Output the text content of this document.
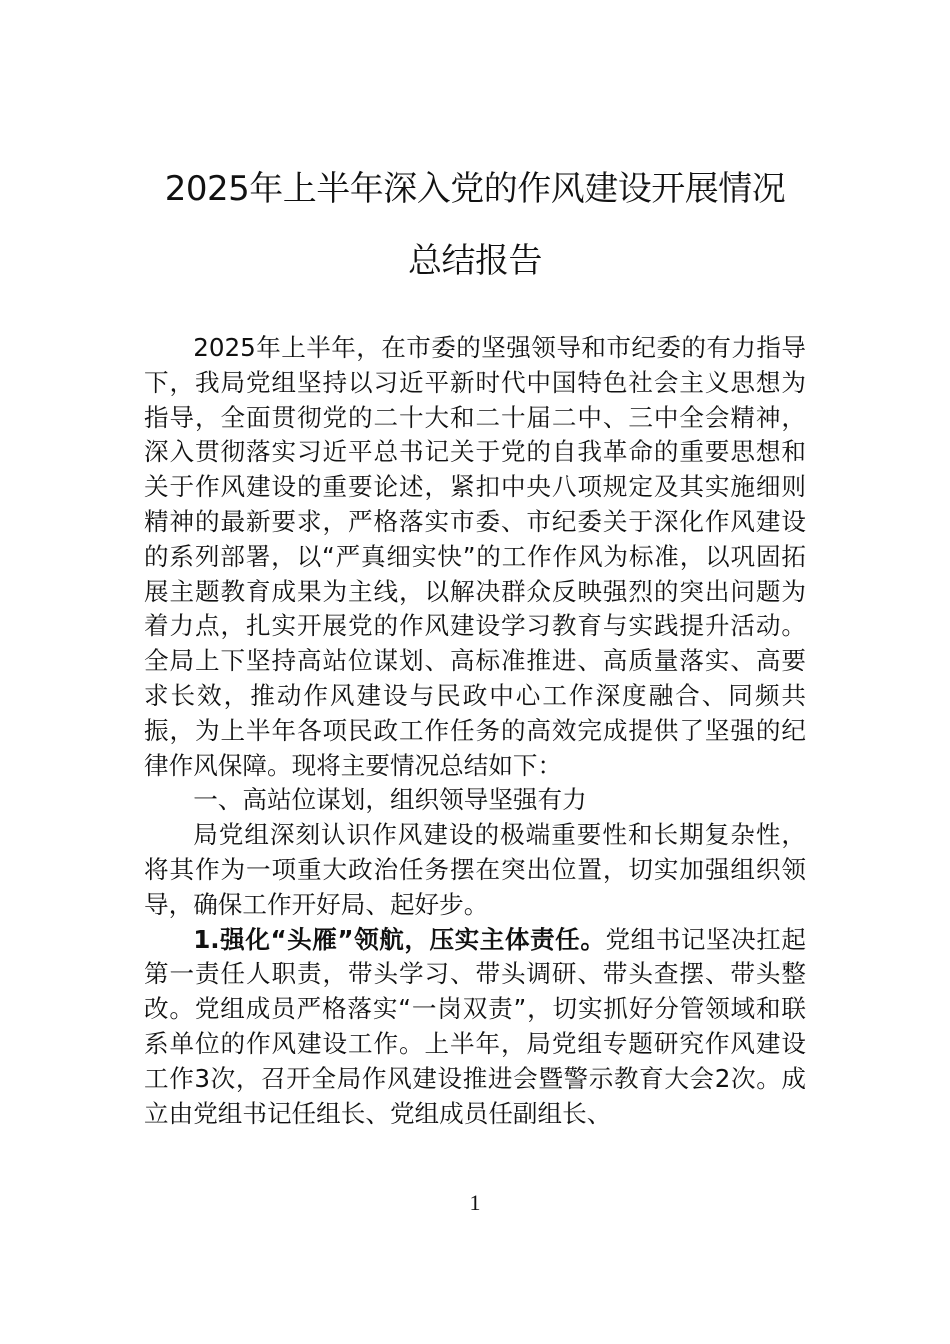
2025年上半年深入党的作风建设开展情况
总结报告

2025年上半年，在市委的坚强领导和市纪委的有力指导下，我局党组坚持以习近平新时代中国特色社会主义思想为指导，全面贯彻党的二十大和二十届二中、三中全会精神，深入贯彻落实习近平总书记关于党的自我革命的重要思想和关于作风建设的重要论述，紧扣中央八项规定及其实施细则精神的最新要求，严格落实市委、市纪委关于深化作风建设的系列部署，以“严真细实快”的工作作风为标准，以巩固拓展主题教育成果为主线，以解决群众反映强烈的突出问题为着力点，扎实开展党的作风建设学习教育与实践提升活动。全局上下坚持高站位谋划、高标准推进、高质量落实、高要求长效，推动作风建设与民政中心工作深度融合、同频共振，为上半年各项民政工作任务的高效完成提供了坚强的纪律作风保障。现将主要情况总结如下：

一、高站位谋划，组织领导坚强有力

局党组深刻认识作风建设的极端重要性和长期复杂性，将其作为一项重大政治任务摆在突出位置，切实加强组织领导，确保工作开好局、起好步。

1.强化“头雁”领航，压实主体责任。党组书记坚决扛起第一责任人职责，带头学习、带头调研、带头查摆、带头整改。党组成员严格落实“一岗双责”，切实抓好分管领域和联系单位的作风建设工作。上半年，局党组专题研究作风建设工作3次，召开全局作风建设推进会暨警示教育大会2次。成立由党组书记任组长、党组成员任副组长、

1
